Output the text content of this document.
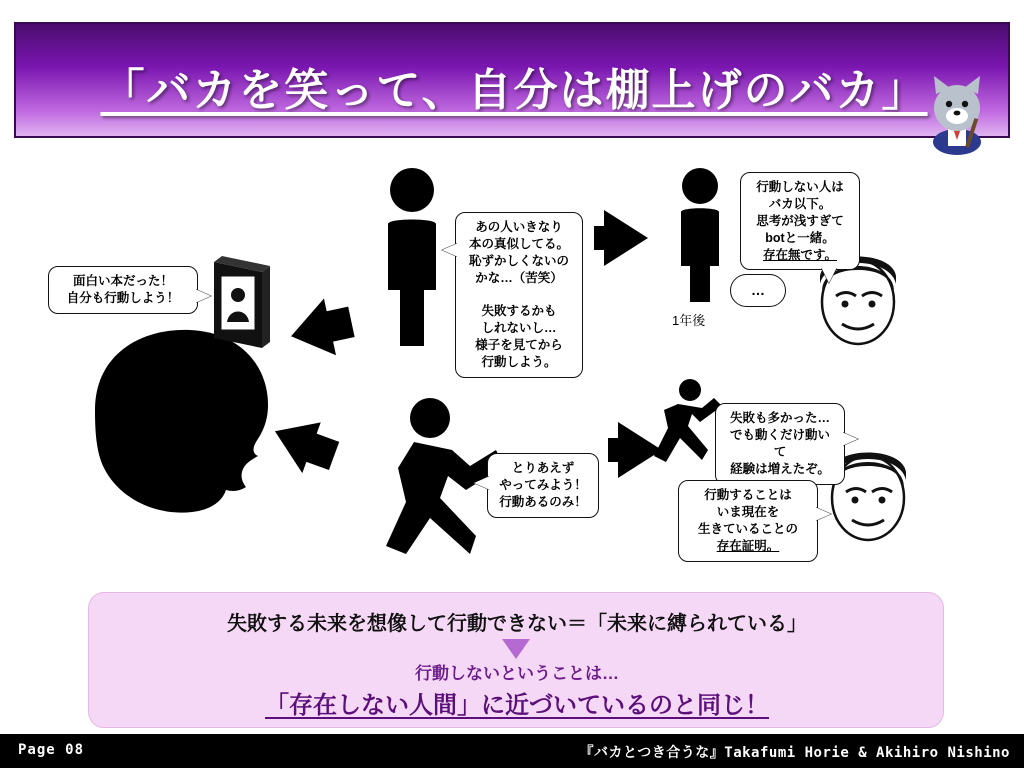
「バカを笑って、自分は棚上げのバカ」
面白い本だった！
自分も行動しよう！
あの人いきなり
本の真似してる。
恥ずかしくないの
かな…（苦笑）

失敗するかも
しれないし…
様子を見てから
行動しよう。
行動しない人は
バカ以下。
思考が浅すぎて
botと一緒。
存在無です。
…
1年後
とりあえず
やってみよう！
行動あるのみ！
失敗も多かった…
でも動くだけ動いて
経験は増えたぞ。
行動することは
いま現在を
生きていることの
存在証明。
失敗する未来を想像して行動できない＝「未来に縛られている」
行動しないということは…
「存在しない人間」に近づいているのと同じ！
Page 08	『バカとつき合うな』Takafumi Horie & Akihiro Nishino
